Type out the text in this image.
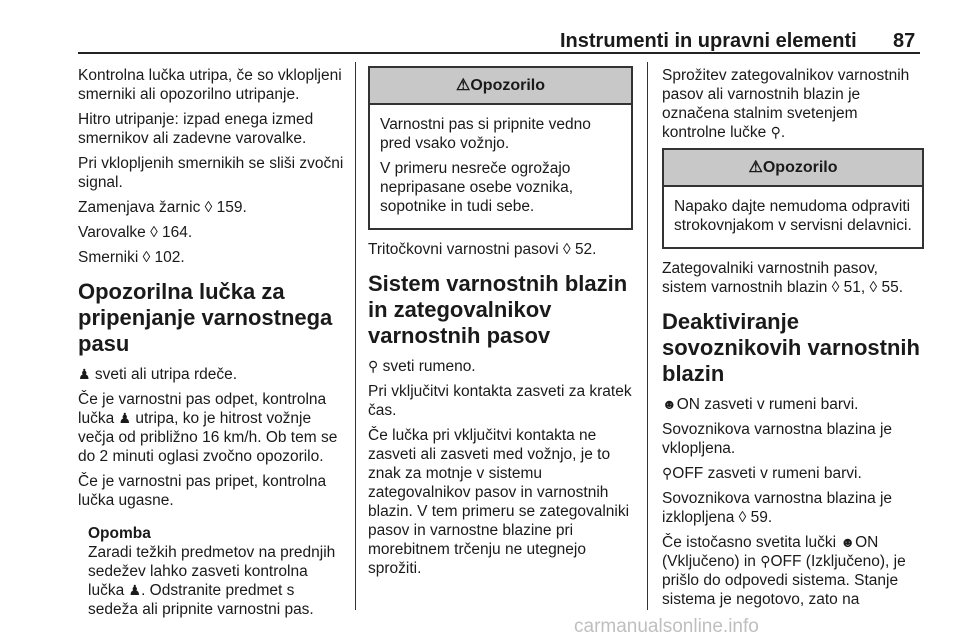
Instrumenti in upravni elementi 87

Kontrolna lučka utripa, če so vklopljeni smerniki ali opozorilno utripanje.

Hitro utripanje: izpad enega izmed smernikov ali zadevne varovalke.

Pri vklopljenih smernikih se sliši zvočni signal.

Zamenjava žarnic ◊ 159.

Varovalke ◊ 164.

Smerniki ◊ 102.

Opozorilna lučka za pripenjanje varnostnega pasu

♟ sveti ali utripa rdeče.

Če je varnostni pas odpet, kontrolna lučka ♟ utripa, ko je hitrost vožnje večja od približno 16 km/h. Ob tem se do 2 minuti oglasi zvočno opozorilo.

Če je varnostni pas pripet, kontrolna lučka ugasne.

Opomba
Zaradi težkih predmetov na prednjih sedežev lahko zasveti kontrolna lučka ♟. Odstranite predmet s sedeža ali pripnite varnostni pas.
⚠Opozorilo

Varnostni pas si pripnite vedno pred vsako vožnjo.

V primeru nesreče ogrožajo nepripasane osebe voznika, sopotnike in tudi sebe.

Tritočkovni varnostni pasovi ◊ 52.

Sistem varnostnih blazin in zategovalnikov varnostnih pasov

⚲ sveti rumeno.

Pri vključitvi kontakta zasveti za kratek čas.

Če lučka pri vključitvi kontakta ne zasveti ali zasveti med vožnjo, je to znak za motnje v sistemu zategovalnikov pasov in varnostnih blazin. V tem primeru se zategovalniki pasov in varnostne blazine pri morebitnem trčenju ne utegnejo sprožiti.

Sprožitev zategovalnikov varnostnih pasov ali varnostnih blazin je označena stalnim svetenjem kontrolne lučke ⚲.

⚠Opozorilo

Napako dajte nemudoma odpraviti strokovnjakom v servisni delavnici.

Zategovalniki varnostnih pasov, sistem varnostnih blazin ◊ 51, ◊ 55.

Deaktiviranje sovoznikovih varnostnih blazin

☻ON zasveti v rumeni barvi.

Sovoznikova varnostna blazina je vklopljena.

⚲OFF zasveti v rumeni barvi.

Sovoznikova varnostna blazina je izklopljena ◊ 59.

Če istočasno svetita lučki ☻ON (Vključeno) in ⚲OFF (Izključeno), je prišlo do odpovedi sistema. Stanje sistema je negotovo, zato na

carmanualsonline.info
